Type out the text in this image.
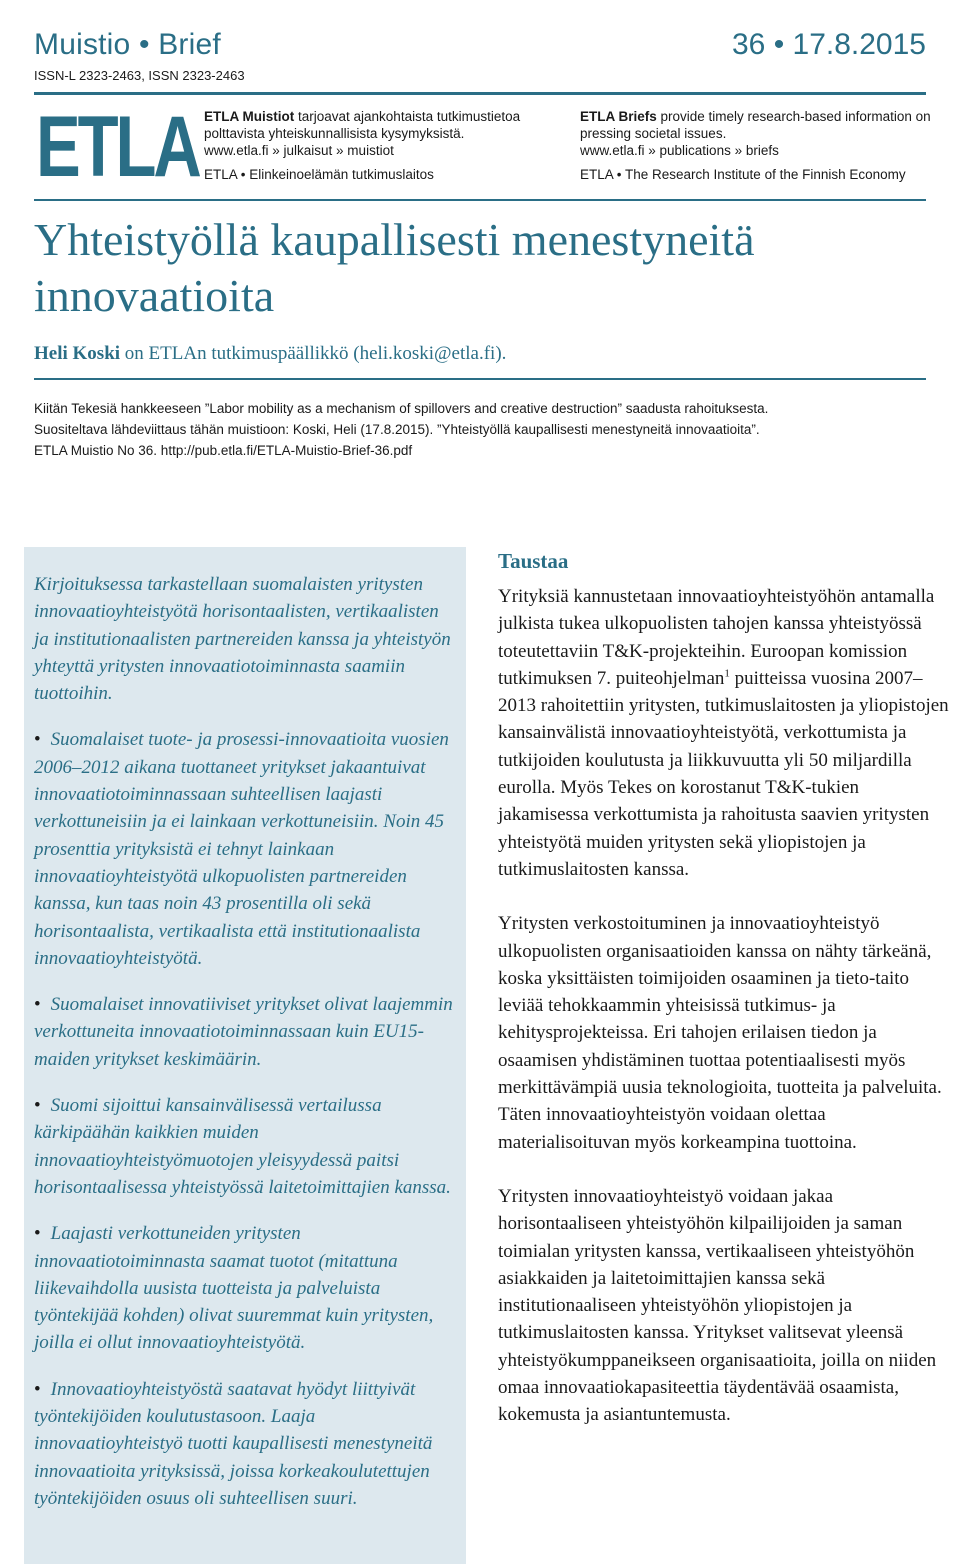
Muistio • Brief
ISSN-L 2323-2463, ISSN 2323-2463
36 • 17.8.2015
ETLA ETLA Muistiot tarjoavat ajankohtaista tutkimustietoa polttavista yhteiskunnallisista kysymyksistä.
www.etla.fi » julkaisut » muistiot
ETLA • Elinkeinoelämän tutkimuslaitos
ETLA Briefs provide timely research-based information on pressing societal issues.
www.etla.fi » publications » briefs
ETLA • The Research Institute of the Finnish Economy
Yhteistyöllä kaupallisesti menestyneitä innovaatioita
Heli Koski on ETLAn tutkimuspäällikkö (heli.koski@etla.fi).

Kiitän Tekesiä hankkeeseen ”Labor mobility as a mechanism of spillovers and creative destruction” saadusta rahoituksesta.

Suositeltava lähdeviittaus tähän muistioon: Koski, Heli (17.8.2015). ”Yhteistyöllä kaupallisesti menestyneitä innovaatioita”.

ETLA Muistio No 36. http://pub.etla.fi/ETLA-Muistio-Brief-36.pdf

Kirjoituksessa tarkastellaan suomalaisten yritysten innovaatioyhteistyötä horisontaalisten, vertikaalisten ja institutionaalisten partnereiden kanssa ja yhteistyön yhteyttä yritysten innovaatiotoiminnasta saamiin tuottoihin.

• Suomalaiset tuote- ja prosessi-innovaatioita vuosien 2006–2012 aikana tuottaneet yritykset jakaantuivat innovaatiotoiminnassaan suhteellisen laajasti verkottuneisiin ja ei lainkaan verkottuneisiin. Noin 45 prosenttia yrityksistä ei tehnyt lainkaan innovaatioyhteistyötä ulkopuolisten partnereiden kanssa, kun taas noin 43 prosentilla oli sekä horisontaalista, vertikaalista että institutionaalista innovaatioyhteistyötä.

• Suomalaiset innovatiiviset yritykset olivat laajemmin verkottuneita innovaatiotoiminnassaan kuin EU15-maiden yritykset keskimäärin.

• Suomi sijoittui kansainvälisessä vertailussa kärkipäähän kaikkien muiden innovaatioyhteistyömuotojen yleisyydessä paitsi horisontaalisessa yhteistyössä laitetoimittajien kanssa.

• Laajasti verkottuneiden yritysten innovaatiotoiminnasta saamat tuotot (mitattuna liikevaihdolla uusista tuotteista ja palveluista työntekijää kohden) olivat suuremmat kuin yritysten, joilla ei ollut innovaatioyhteistyötä.

• Innovaatioyhteistyöstä saatavat hyödyt liittyivät työntekijöiden koulutustasoon. Laaja innovaatioyhteistyö tuotti kaupallisesti menestyneitä innovaatioita yrityksissä, joissa korkeakoulutettujen työntekijöiden osuus oli suhteellisen suuri.

Taustaa

Yrityksiä kannustetaan innovaatioyhteistyöhön antamalla julkista tukea ulkopuolisten tahojen kanssa yhteistyössä toteutettaviin T&K-projekteihin. Euroopan komission tutkimuksen 7. puiteohjelman$^1$ puitteissa vuosina 2007–2013 rahoitettiin yritysten, tutkimuslaitosten ja yliopistojen kansainvälistä innovaatioyhteistyötä, verkottumista ja tutkijoiden koulutusta ja liikkuvuutta yli 50 miljardilla eurolla. Myös Tekes on korostanut T&K-tukien jakamisessa verkottumista ja rahoitusta saavien yritysten yhteistyötä muiden yritysten sekä yliopistojen ja tutkimuslaitosten kanssa.

Yritysten verkostoituminen ja innovaatioyhteistyö ulkopuolisten organisaatioiden kanssa on nähty tärkeänä, koska yksittäisten toimijoiden osaaminen ja tieto-taito leviää tehokkaammin yhteisissä tutkimus- ja kehitysprojekteissa. Eri tahojen erilaisen tiedon ja osaamisen yhdistäminen tuottaa potentiaalisesti myös merkittävämpiä uusia teknologioita, tuotteita ja palveluita. Täten innovaatioyhteistyön voidaan olettaa materialisoituvan myös korkeampina tuottoina.

Yritysten innovaatioyhteistyö voidaan jakaa horisontaaliseen yhteistyöhön kilpailijoiden ja saman toimialan yritysten kanssa, vertikaaliseen yhteistyöhön asiakkaiden ja laitetoimittajien kanssa sekä institutionaaliseen yhteistyöhön yliopistojen ja tutkimuslaitosten kanssa. Yritykset valitsevat yleensä yhteistyökumppaneikseen organisaatioita, joilla on niiden omaa innovaatiokapasiteettia täydentävää osaamista, kokemusta ja asiantuntemusta.
